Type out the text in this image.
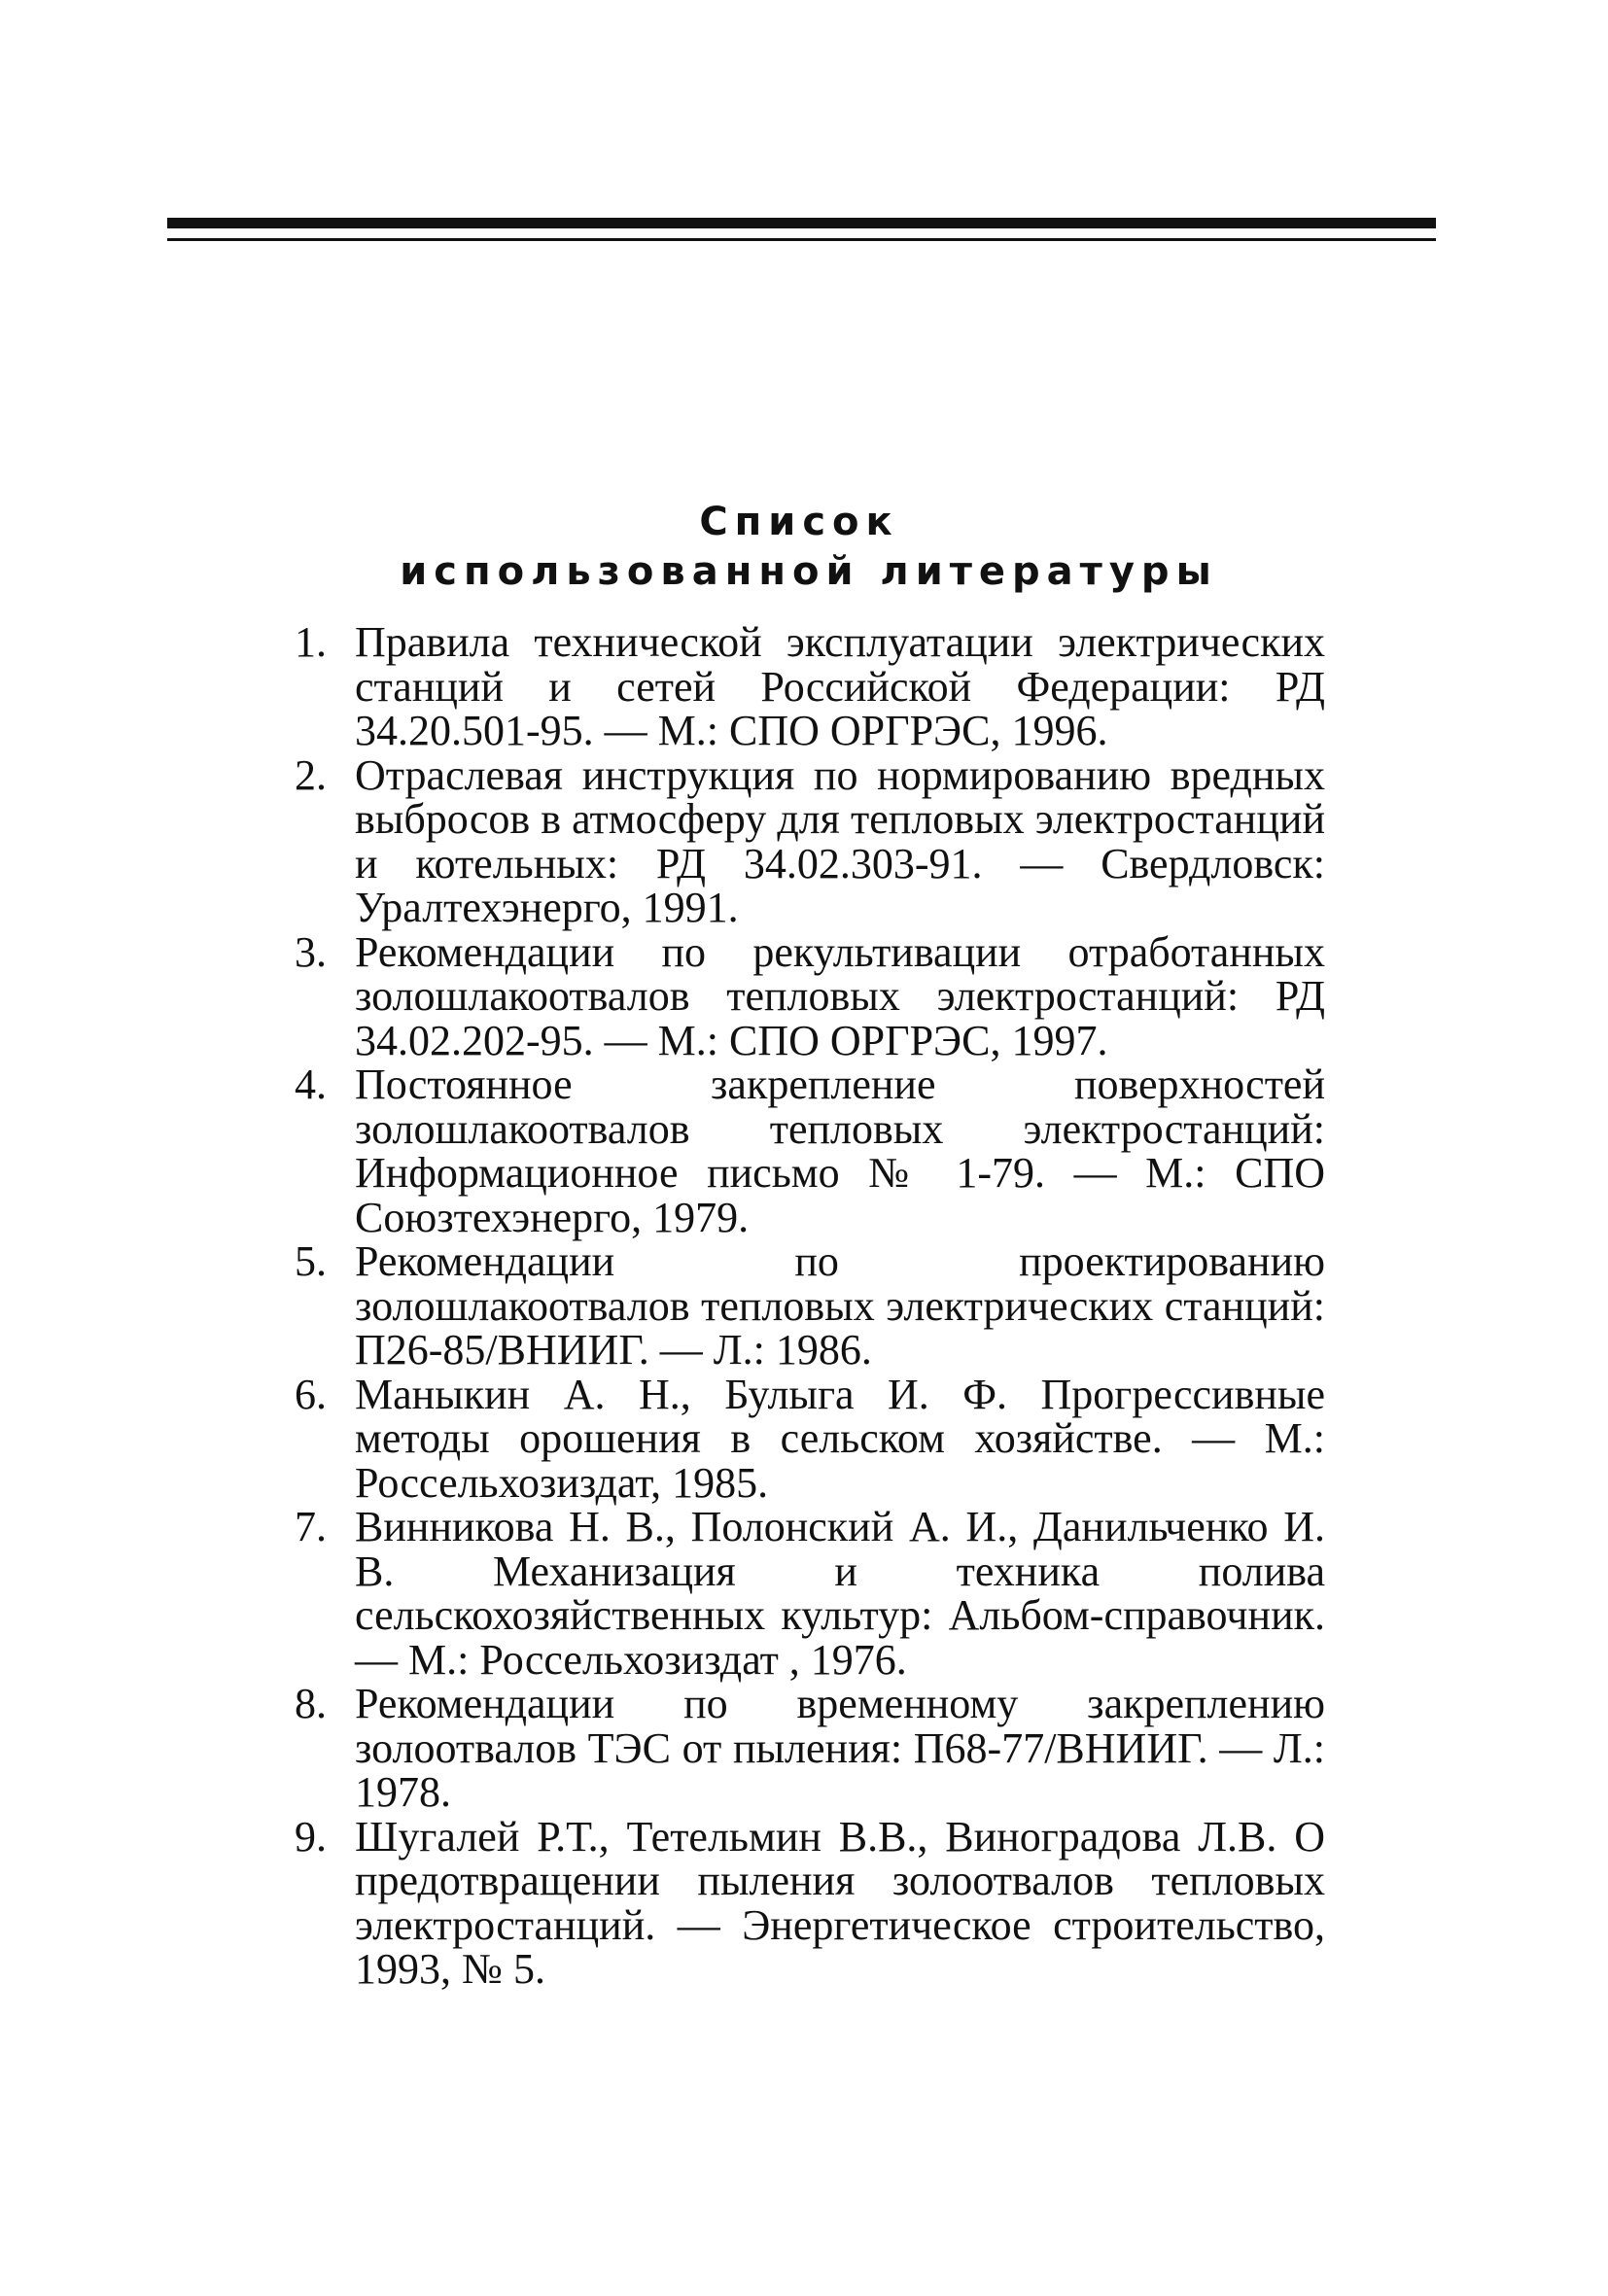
Список
использованной литературы
1. Правила технической эксплуатации электрических станций и сетей Российской Федерации: РД 34.20.501-95. — М.: СПО ОРГРЭС, 1996.
2. Отраслевая инструкция по нормированию вредных выбросов в атмосферу для тепловых электростанций и котельных: РД 34.02.303-91. — Свердловск: Уралтехэнерго, 1991.
3. Рекомендации по рекультивации отработанных золошлакоотвалов тепловых электростанций: РД 34.02.202-95. — М.: СПО ОРГРЭС, 1997.
4. Постоянное закрепление поверхностей золошлакоотвалов тепловых электростанций: Информационное письмо № 1-79. — М.: СПО Союзтехэнерго, 1979.
5. Рекомендации по проектированию золошлакоотвалов тепловых электрических станций: П26-85/ВНИИГ. — Л.: 1986.
6. Маныкин А. Н., Булыга И. Ф. Прогрессивные методы орошения в сельском хозяйстве. — М.: Россельхозиздат, 1985.
7. Винникова Н. В., Полонский А. И., Данильченко И. В. Механизация и техника полива сельскохозяйственных культур: Альбом-справочник. — М.: Россельхозиздат , 1976.
8. Рекомендации по временному закреплению золоотвалов ТЭС от пыления: П68-77/ВНИИГ. — Л.: 1978.
9. Шугалей Р.Т., Тетельмин В.В., Виноградова Л.В. О предотвращении пыления золоотвалов тепловых электростанций. — Энергетическое строительство, 1993, № 5.
